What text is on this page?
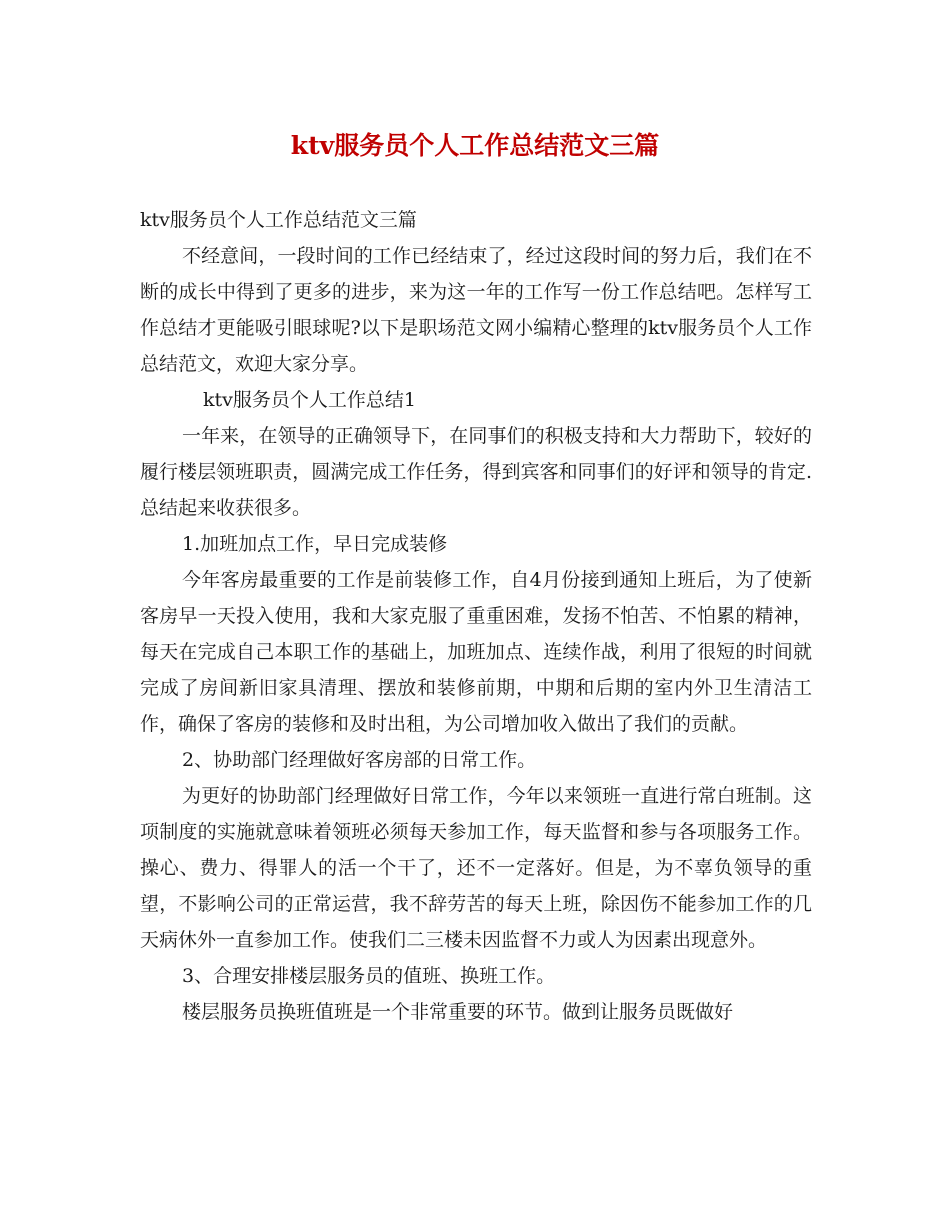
ktv服务员个人工作总结范文三篇

ktv服务员个人工作总结范文三篇

不经意间，一段时间的工作已经结束了，经过这段时间的努力后，我们在不断的成长中得到了更多的进步，来为这一年的工作写一份工作总结吧。怎样写工作总结才更能吸引眼球呢?以下是职场范文网小编精心整理的ktv服务员个人工作总结范文，欢迎大家分享。

ktv服务员个人工作总结1

一年来，在领导的正确领导下，在同事们的积极支持和大力帮助下，较好的履行楼层领班职责，圆满完成工作任务，得到宾客和同事们的好评和领导的肯定.总结起来收获很多。

1.加班加点工作，早日完成装修

今年客房最重要的工作是前装修工作，自4月份接到通知上班后，为了使新客房早一天投入使用，我和大家克服了重重困难，发扬不怕苦、不怕累的精神，每天在完成自己本职工作的基础上，加班加点、连续作战，利用了很短的时间就完成了房间新旧家具清理、摆放和装修前期，中期和后期的室内外卫生清洁工作，确保了客房的装修和及时出租，为公司增加收入做出了我们的贡献。

2、协助部门经理做好客房部的日常工作。

为更好的协助部门经理做好日常工作，今年以来领班一直进行常白班制。这项制度的实施就意味着领班必须每天参加工作，每天监督和参与各项服务工作。操心、费力、得罪人的活一个干了，还不一定落好。但是，为不辜负领导的重望，不影响公司的正常运营，我不辞劳苦的每天上班，除因伤不能参加工作的几天病休外一直参加工作。使我们二三楼未因监督不力或人为因素出现意外。

3、合理安排楼层服务员的值班、换班工作。

楼层服务员换班值班是一个非常重要的环节。做到让服务员既做好
